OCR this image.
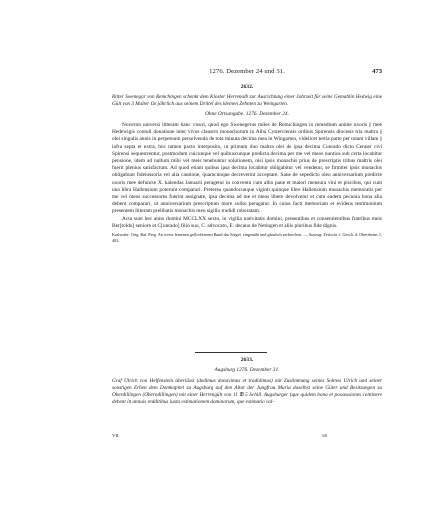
1276. Dezember 24 und 31.	473
2632.
Ritter Swenegar von Remchingen schenkt dem Kloster Herrenalb zur Ausrichtung einer Jahrzeit für seine Gemahlin Hedwig eine Gült von 3 Malter Os jährlich aus seinem Drittel des kleinen Zehnten zu Weingarten.
Ohne Ortsangabe. 1276. Dezember 24.

Noverint universi litteram hanc visuri, quod ego Swenegerus miles de Remichingen in remedium anime uxoris || mee Hedewigis contuli donatione inter vivos claustro monachorum in Alba Cysterciensis ordinis Spirensis diocesis tria maltra || olei singulis annis in perpetuum persolvenda de tota minuta decima mea in Wingarten, videlicet tertia parte per totam villam || infra septa et extra, hoc tamen pacto interposito, ut primum duo maltra olei de ipsa decima Cunrado dicto Cenner civi Spirensi sequestrentur, postmodum cuicunque vel quibuscunque predicta decima per me vel meos nuntios sub certa locabitur pensione, idem ad nullum mihi vel meis tenebuntur solutionem, nisi ipsis monachis prius de prescriptis tribus maltris olei fuerit plenius satisfactum. Ad quod etiam quibus ipsa decima locabitur obligabitur vel vendetur, se firmiter ipsis monachis obligabunt fideiussoria vel alia cautione, quamcunque decreverint acceptare. Sane de sepedicto oleo anniversarium predicte uxoris mee defuncte X. kalendas Januarii peragetur in conventu cum albo pane et maiori mensura vini et piscibus, qui cum una libra Hallensium poterunt comparari. Preterea quandocunque viginti quinque libre Hallensium monachis memoratis per me vel meos successores fuerint assignate, ipsa decima ad me et meos libere devolvetur et cum eadem pecunia bona alia debent comparari, ut anniversarium prescriptum more solito peragatur. In cuius facti memoriam et evidens testimonium presentem litteram prelibatis monachis meo sigillo tradidi roboratam.

Acta sunt hec anno domini MCCLXX sexto, in vigilia nativitatis domini, presentibus et consentientibus fratribus meis Ber[toldo] seniore et C[unrado] filio suo, C. advocato, E. decano de Netingen et aliis pluribus fide dignis.

Karlsruhe. Orig. Bal. Perg. An weiss-leinenen geflochtenem Band das Siegel, eingenäht und gänzlich zerbrochen. — Auszug: Zeitschr. f. Gesch. d. Oberrheins 1, 403.
2633.
Augsburg 1276. Dezember 31.
Graf Ulrich von Helfenstein überlässt (dedimus donavimus et tradidimus) mit Zustimmung seines Sohnes Ulrich und seiner sonstigen Erben dem Domkapitel zu Augsburg auf den Altar der Jungfrau Maria daselbst seine Güter und Besitzungen zu Oberdillingen (Oberndillingen) mit einer Herrengült von 11 ℔ 5 Schill. Augsburger (que quidem bona et possessiones continere debent in annuis redditibus iuxta estimationem dominorum, que estimatio val-
VII.	60
